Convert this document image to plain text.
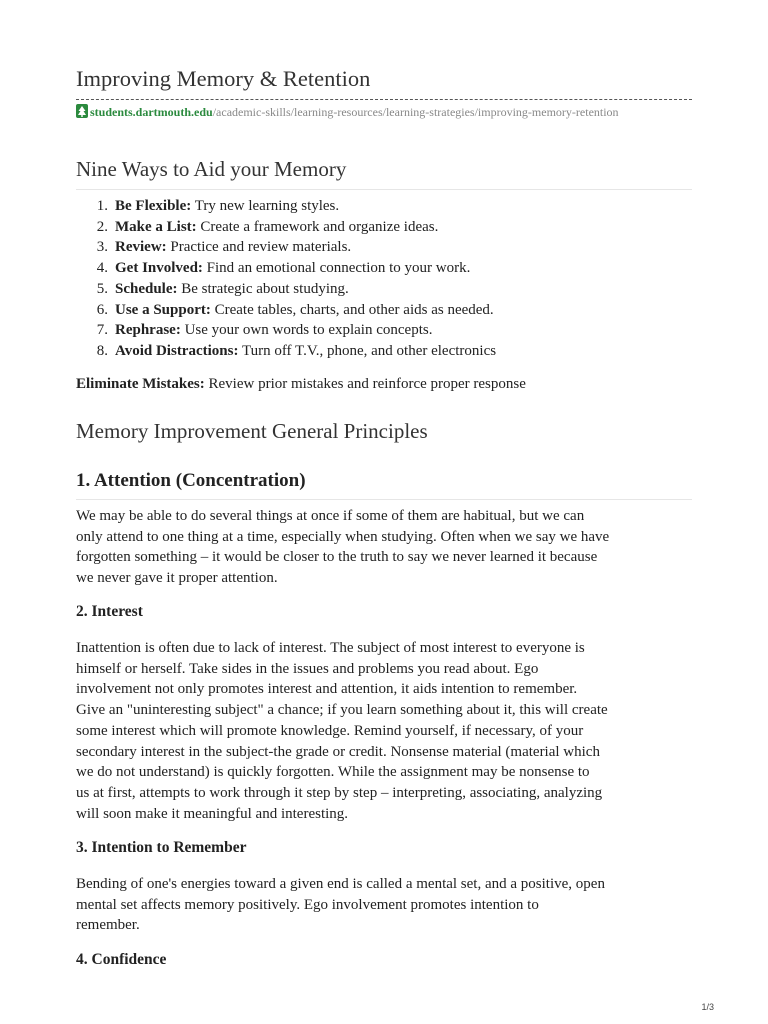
Improving Memory & Retention
students.dartmouth.edu/academic-skills/learning-resources/learning-strategies/improving-memory-retention
Nine Ways to Aid your Memory
1. Be Flexible: Try new learning styles.
2. Make a List: Create a framework and organize ideas.
3. Review: Practice and review materials.
4. Get Involved: Find an emotional connection to your work.
5. Schedule: Be strategic about studying.
6. Use a Support: Create tables, charts, and other aids as needed.
7. Rephrase: Use your own words to explain concepts.
8. Avoid Distractions: Turn off T.V., phone, and other electronics

Eliminate Mistakes: Review prior mistakes and reinforce proper response

Memory Improvement General Principles
1. Attention (Concentration)
We may be able to do several things at once if some of them are habitual, but we can
only attend to one thing at a time, especially when studying. Often when we say we have
forgotten something – it would be closer to the truth to say we never learned it because
we never gave it proper attention.
2. Interest
Inattention is often due to lack of interest. The subject of most interest to everyone is
himself or herself. Take sides in the issues and problems you read about. Ego
involvement not only promotes interest and attention, it aids intention to remember.
Give an "uninteresting subject" a chance; if you learn something about it, this will create
some interest which will promote knowledge. Remind yourself, if necessary, of your
secondary interest in the subject-the grade or credit. Nonsense material (material which
we do not understand) is quickly forgotten. While the assignment may be nonsense to
us at first, attempts to work through it step by step – interpreting, associating, analyzing
will soon make it meaningful and interesting.
3. Intention to Remember
Bending of one's energies toward a given end is called a mental set, and a positive, open
mental set affects memory positively. Ego involvement promotes intention to
remember.
4. Confidence
1/3
